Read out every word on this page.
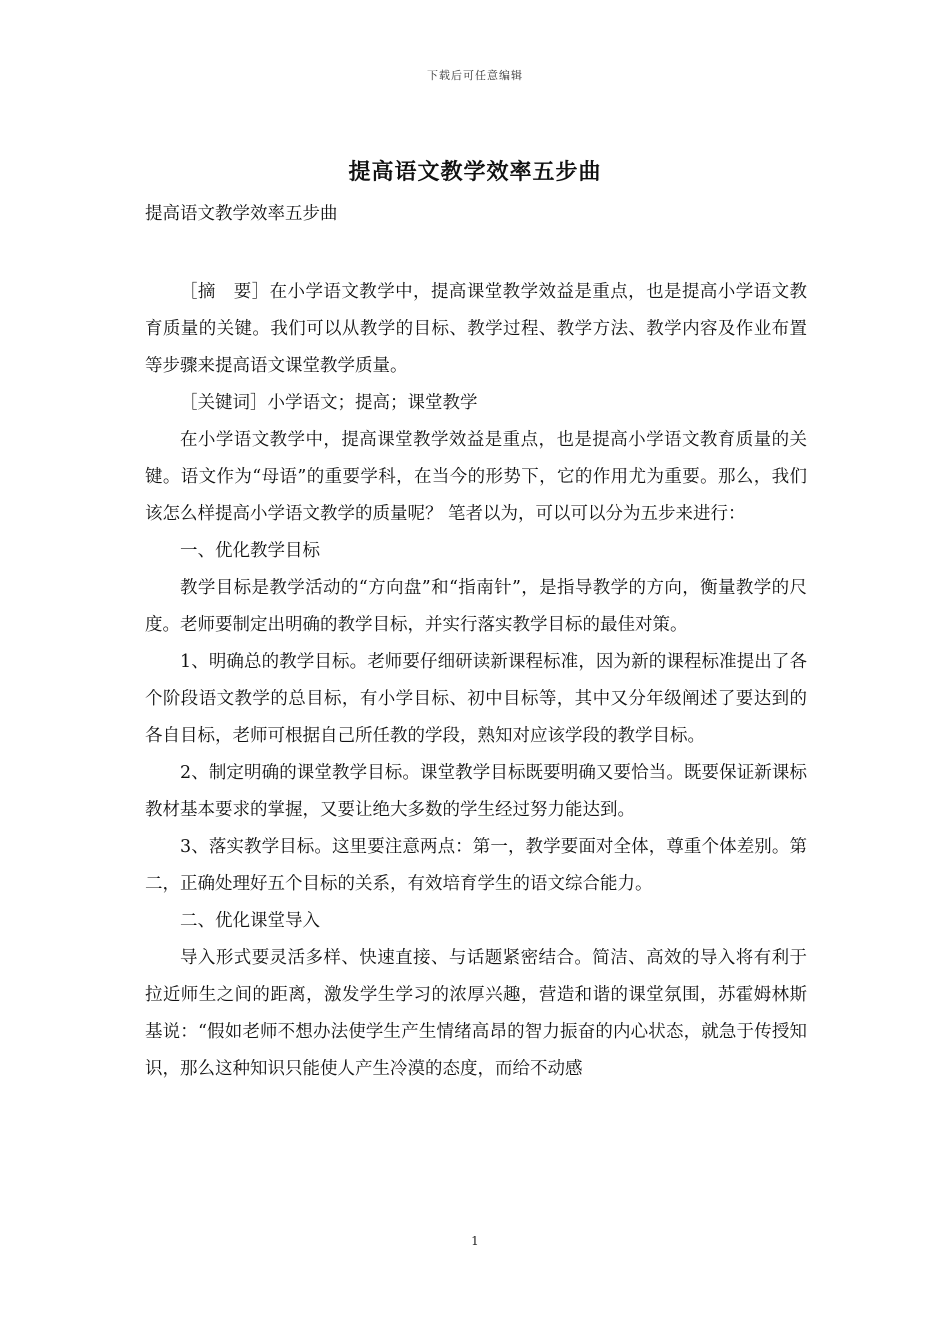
下载后可任意编辑
提高语文教学效率五步曲

提高语文教学效率五步曲

［摘　要］在小学语文教学中，提高课堂教学效益是重点，也是提高小学语文教育质量的关键。我们可以从教学的目标、教学过程、教学方法、教学内容及作业布置等步骤来提高语文课堂教学质量。

［关键词］小学语文；提高；课堂教学

在小学语文教学中，提高课堂教学效益是重点，也是提高小学语文教育质量的关键。语文作为“母语”的重要学科，在当今的形势下，它的作用尤为重要。那么，我们该怎么样提高小学语文教学的质量呢？ 笔者以为，可以可以分为五步来进行：

一、优化教学目标

教学目标是教学活动的“方向盘”和“指南针”，是指导教学的方向，衡量教学的尺度。老师要制定出明确的教学目标，并实行落实教学目标的最佳对策。

1、明确总的教学目标。老师要仔细研读新课程标准，因为新的课程标准提出了各个阶段语文教学的总目标，有小学目标、初中目标等，其中又分年级阐述了要达到的各自目标，老师可根据自己所任教的学段，熟知对应该学段的教学目标。

2、制定明确的课堂教学目标。课堂教学目标既要明确又要恰当。既要保证新课标教材基本要求的掌握，又要让绝大多数的学生经过努力能达到。

3、落实教学目标。这里要注意两点：第一，教学要面对全体，尊重个体差别。第二，正确处理好五个目标的关系，有效培育学生的语文综合能力。

二、优化课堂导入

导入形式要灵活多样、快速直接、与话题紧密结合。简洁、高效的导入将有利于拉近师生之间的距离，激发学生学习的浓厚兴趣，营造和谐的课堂氛围，苏霍姆林斯基说：“假如老师不想办法使学生产生情绪高昂的智力振奋的内心状态，就急于传授知识，那么这种知识只能使人产生冷漠的态度，而给不动感

1
